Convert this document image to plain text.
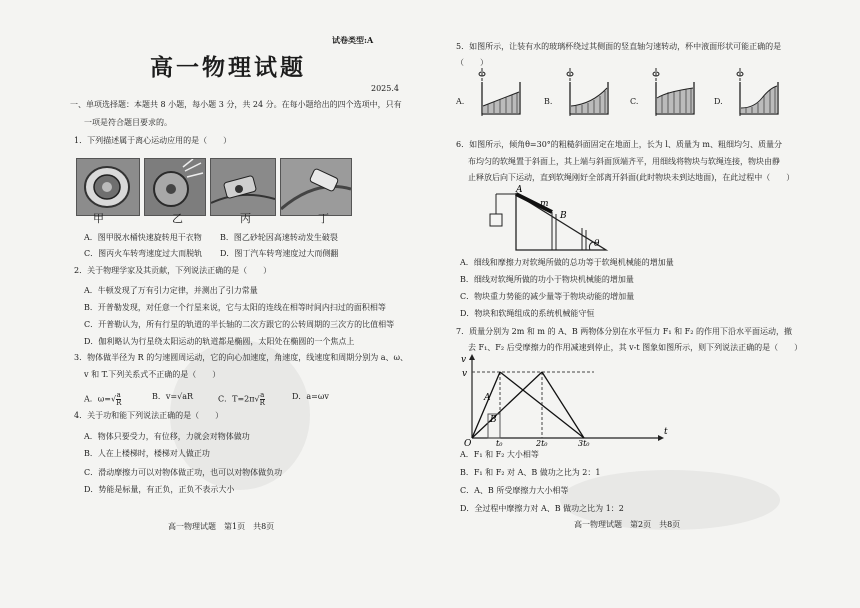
试卷类型:A
高一物理试题
2025.4
一、单项选择题：本题共 8 小题，每小题 3 分，共 24 分。在每小题给出的四个选项中，只有
一项是符合题目要求的。
1．下列描述属于离心运动应用的是（　　）
甲	乙	丙	丁
A．图甲脱水桶快速旋转甩干衣物 B．图乙砂轮因高速转动发生破裂
C．图丙火车转弯速度过大而脱轨 D．图丁汽车转弯速度过大而侧翻
2．关于物理学家及其贡献，下列说法正确的是（　　）
A．牛顿发现了万有引力定律，并测出了引力常量
B．开普勒发现，对任意一个行星来说，它与太阳的连线在相等时间内扫过的面积相等
C．开普勒认为，所有行星的轨道的半长轴的二次方跟它的公转周期的三次方的比值相等
D．伽利略认为行星绕太阳运动的轨道都是椭圆，太阳处在椭圆的一个焦点上
3．物体做半径为 R 的匀速圆周运动，它的向心加速度，角速度，线速度和周期分别为 a、ω、
v 和 T.下列关系式不正确的是（　　）
A．$\omega=√ \frac{a}{R}$	B．v=√aR	C．$T=2\pi√ \frac{a}{R}$	D．a=ωv
4．关于功和能下列说法正确的是（　　）
A．物体只要受力，有位移，力就会对物体做功
B．人在上楼梯时，楼梯对人做正功
C．滑动摩擦力可以对物体做正功，也可以对物体做负功
D．势能是标量，有正负，正负不表示大小
高一物理试题　第1页　共8页
5．如图所示，让装有水的玻璃杯绕过其侧面的竖直轴匀速转动，杯中液面形状可能正确的是
（　　）
A.	B.	C.	D.
6．如图所示，倾角θ=30°的粗糙斜面固定在地面上，长为 l、质量为 m、粗细均匀、质量分
布均匀的软绳置于斜面上，其上端与斜面顶端齐平，用细线将物块与软绳连接，物块由静
止释放后向下运动，直到软绳刚好全部离开斜面(此时物块未到达地面)，在此过程中（　　）
A
m
B
θ
A．细线和摩擦力对软绳所做的总功等于软绳机械能的增加量
B．细线对软绳所做的功小于物块机械能的增加量
C．物块重力势能的减少量等于物块动能的增加量
D．物块和软绳组成的系统机械能守恒
7．质量分别为 2m 和 m 的 A、B 两物体分别在水平恒力 F₁ 和 F₂ 的作用下沿水平面运动，撤
去 F₁、F₂ 后受摩擦力的作用减速到停止，其 v-t 图象如图所示，则下列说法正确的是（　　）
v
v
A
B
O	t₀	2t₀	3t₀
t
A．F₁ 和 F₂ 大小相等
B．F₁ 和 F₂ 对 A、B 做功之比为 2：1
C．A、B 所受摩擦力大小相等
D．全过程中摩擦力对 A、B 做功之比为 1：2
高一物理试题　第2页　共8页
